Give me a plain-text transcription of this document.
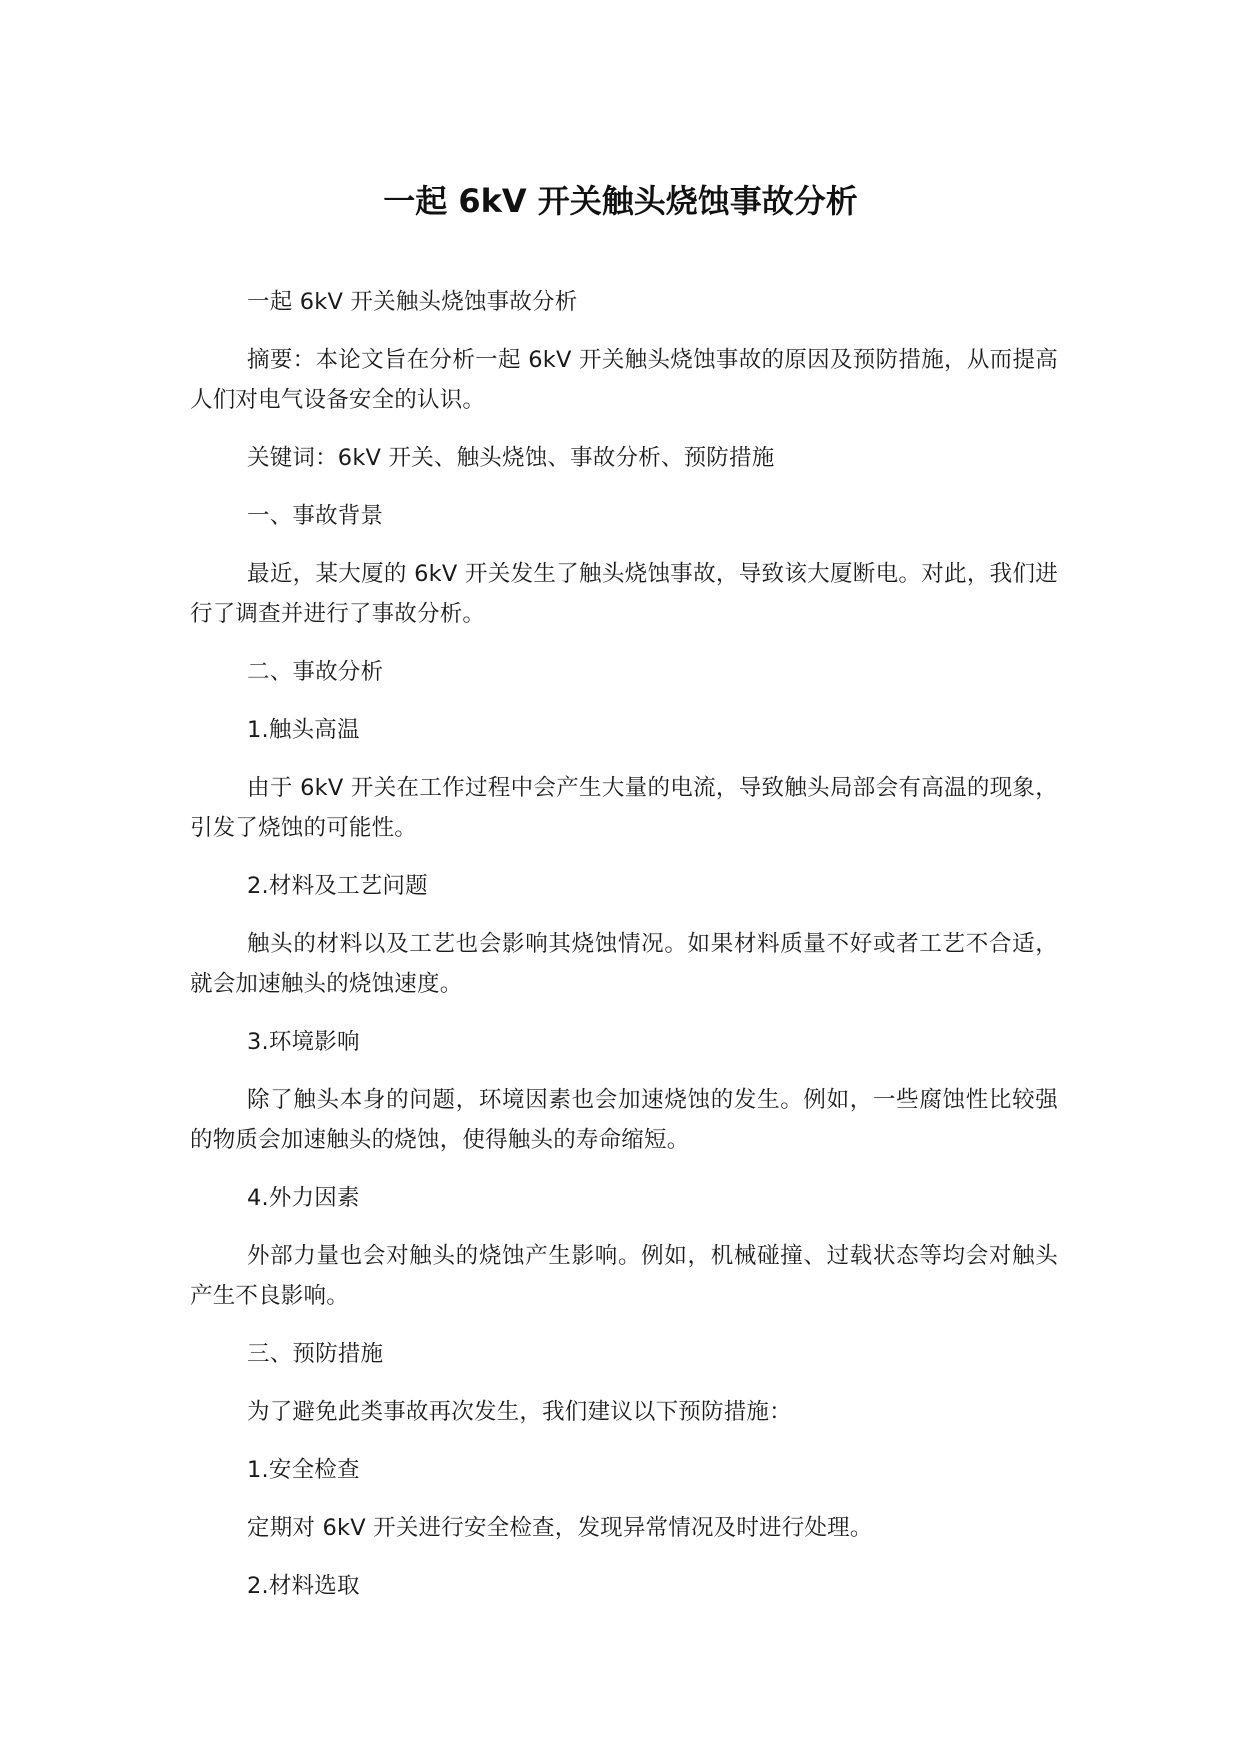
一起 6kV 开关触头烧蚀事故分析

一起 6kV 开关触头烧蚀事故分析

摘要：本论文旨在分析一起 6kV 开关触头烧蚀事故的原因及预防措施，从而提高人们对电气设备安全的认识。

关键词：6kV 开关、触头烧蚀、事故分析、预防措施

一、事故背景

最近，某大厦的 6kV 开关发生了触头烧蚀事故，导致该大厦断电。对此，我们进行了调查并进行了事故分析。

二、事故分析

1.触头高温

由于 6kV 开关在工作过程中会产生大量的电流，导致触头局部会有高温的现象，引发了烧蚀的可能性。

2.材料及工艺问题

触头的材料以及工艺也会影响其烧蚀情况。如果材料质量不好或者工艺不合适，就会加速触头的烧蚀速度。

3.环境影响

除了触头本身的问题，环境因素也会加速烧蚀的发生。例如，一些腐蚀性比较强的物质会加速触头的烧蚀，使得触头的寿命缩短。

4.外力因素

外部力量也会对触头的烧蚀产生影响。例如，机械碰撞、过载状态等均会对触头产生不良影响。

三、预防措施

为了避免此类事故再次发生，我们建议以下预防措施：

1.安全检查

定期对 6kV 开关进行安全检查，发现异常情况及时进行处理。

2.材料选取
